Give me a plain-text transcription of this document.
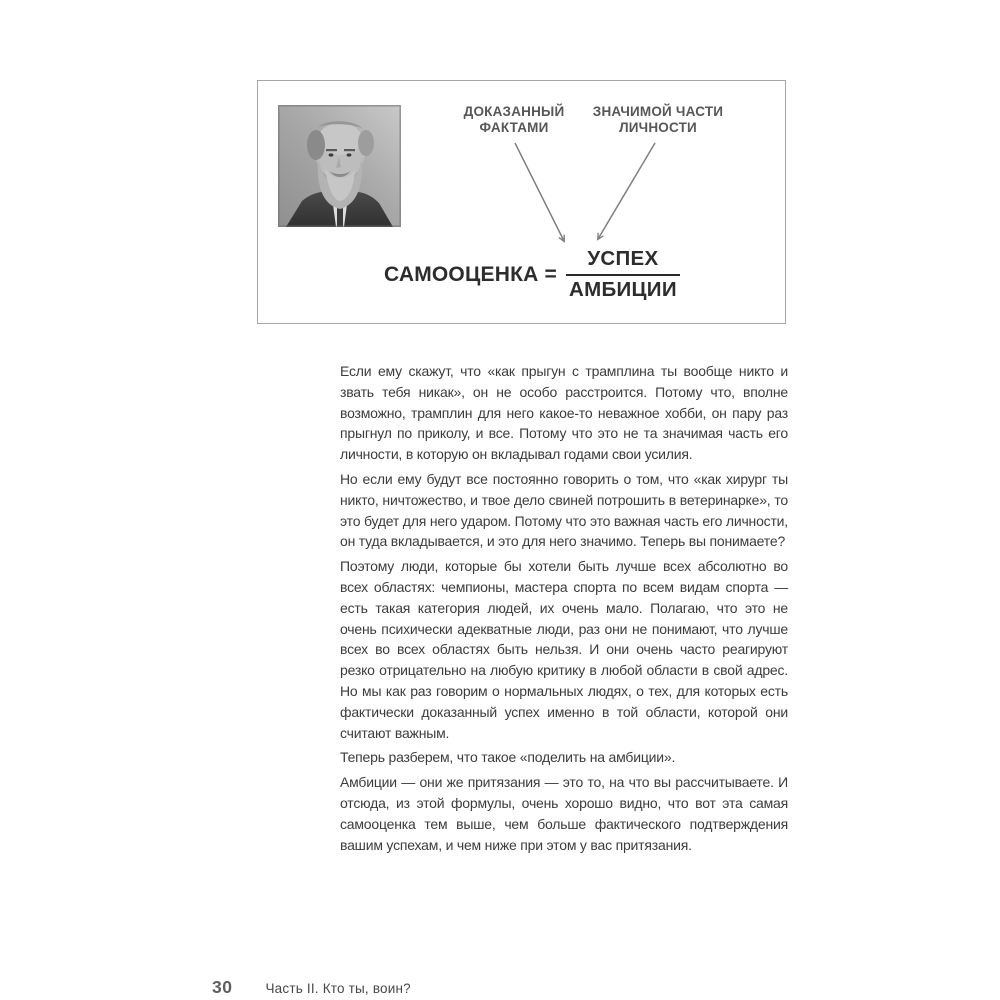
ДОКАЗАННЫЙ
ФАКТАМИ
ЗНАЧИМОЙ ЧАСТИ
ЛИЧНОСТИ
САМООЦЕНКА = $\frac{\text{УСПЕХ}}{\text{АМБИЦИИ}}$

Если ему скажут, что «как прыгун с трамплина ты вообще никто и звать тебя никак», он не особо расстроится. Потому что, вполне возможно, трамплин для него какое-то неважное хобби, он пару раз прыгнул по приколу, и все. Потому что это не та значимая часть его личности, в которую он вкладывал годами свои усилия.

Но если ему будут все постоянно говорить о том, что «как хирург ты никто, ничтожество, и твое дело свиней потрошить в ветеринарке», то это будет для него ударом. Потому что это важная часть его личности, он туда вкладывается, и это для него значимо. Теперь вы понимаете?

Поэтому люди, которые бы хотели быть лучше всех абсолютно во всех областях: чемпионы, мастера спорта по всем видам спорта — есть такая категория людей, их очень мало. Полагаю, что это не очень психически адекватные люди, раз они не понимают, что лучше всех во всех областях быть нельзя. И они очень часто реагируют резко отрицательно на любую критику в любой области в свой адрес. Но мы как раз говорим о нормальных людях, о тех, для которых есть фактически доказанный успех именно в той области, которой они считают важным.

Теперь разберем, что такое «поделить на амбиции».

Амбиции — они же притязания — это то, на что вы рассчитываете. И отсюда, из этой формулы, очень хорошо видно, что вот эта самая самооценка тем выше, чем больше фактического подтверждения вашим успехам, и чем ниже при этом у вас притязания.

30 Часть II. Кто ты, воин?
